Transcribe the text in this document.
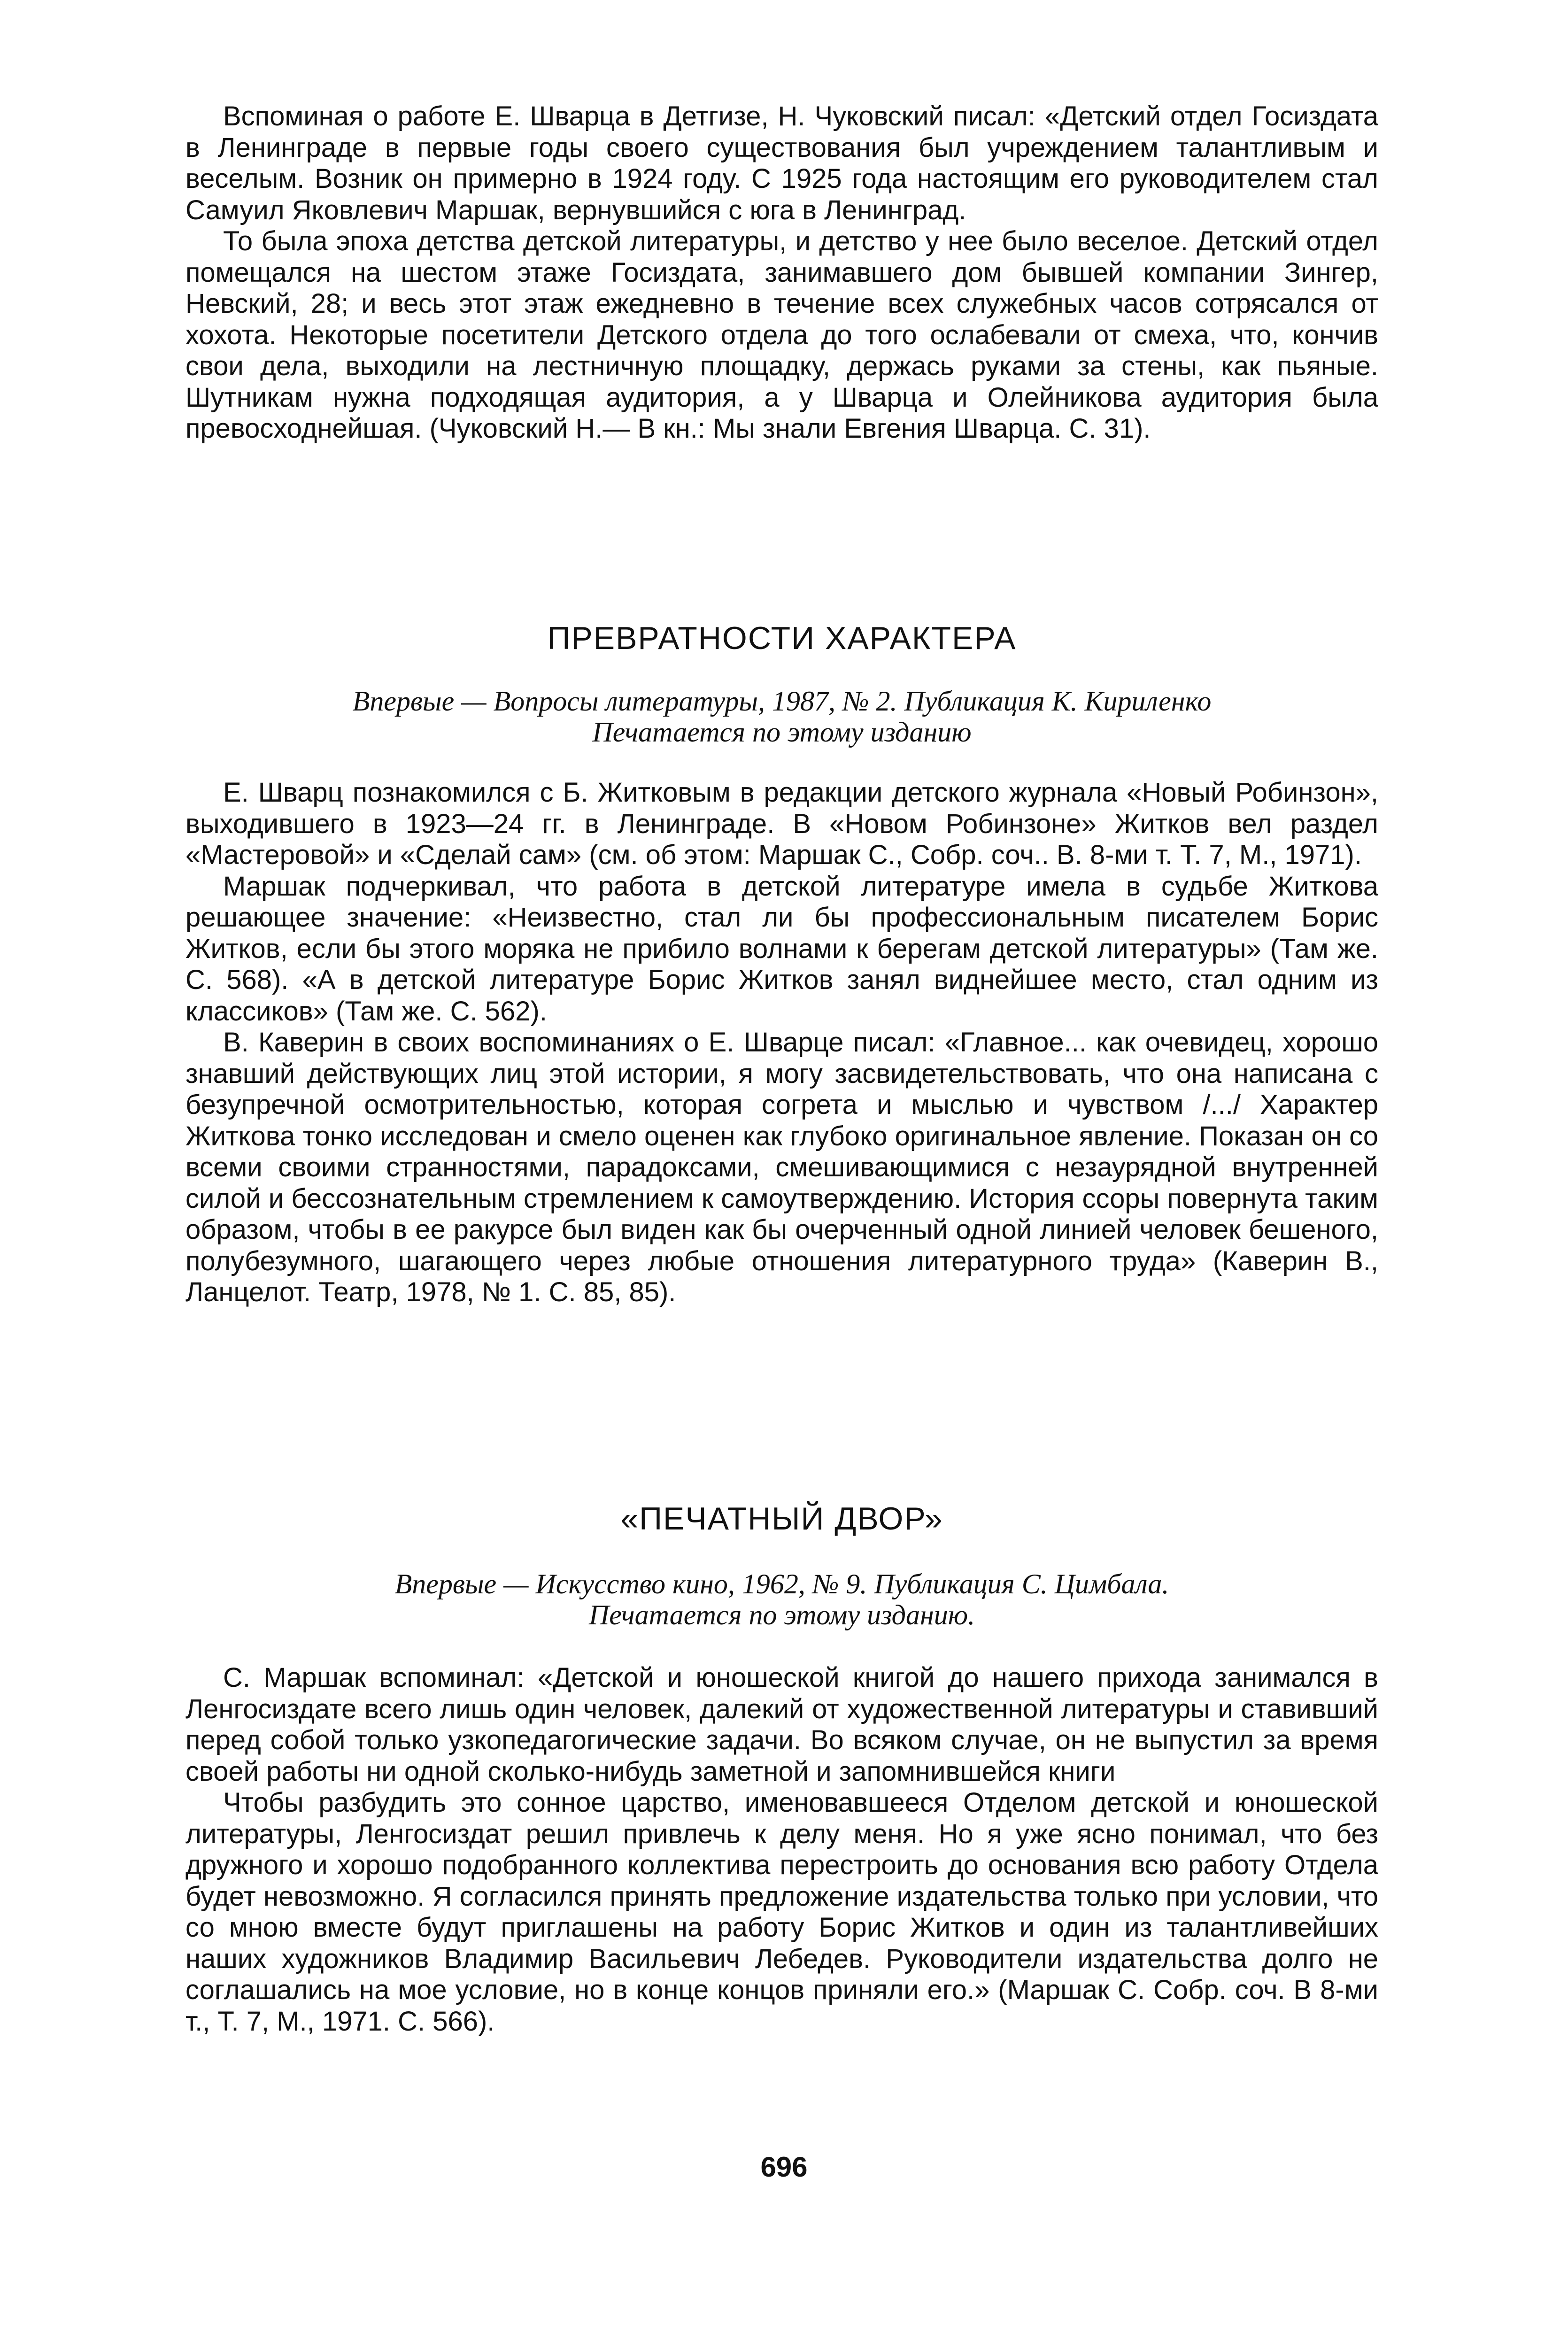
Вспоминая о работе Е. Шварца в Детгизе, Н. Чуковский писал: «Детский отдел Госиздата в Ленинграде в первые годы своего существования был учреждением талантливым и веселым. Возник он примерно в 1924 году. С 1925 года настоящим его руководителем стал Самуил Яковлевич Маршак, вернувшийся с юга в Ленинград.

То была эпоха детства детской литературы, и детство у нее было веселое. Детский отдел помещался на шестом этаже Госиздата, занимавшего дом бывшей компании Зингер, Невский, 28; и весь этот этаж ежедневно в течение всех служебных часов сотрясался от хохота. Некоторые посетители Детского отдела до того ослабевали от смеха, что, кончив свои дела, выходили на лестничную площадку, держась руками за стены, как пьяные. Шутникам нужна подходящая аудитория, а у Шварца и Олейникова аудитория была превосходнейшая. (Чуковский Н.— В кн.: Мы знали Евгения Шварца. С. 31).

ПРЕВРАТНОСТИ ХАРАКТЕРА
Впервые — Вопросы литературы, 1987, № 2. Публикация К. Кириленко
Печатается по этому изданию

Е. Шварц познакомился с Б. Житковым в редакции детского журнала «Новый Робинзон», выходившего в 1923—24 гг. в Ленинграде. В «Новом Робинзоне» Житков вел раздел «Мастеровой» и «Сделай сам» (см. об этом: Маршак С., Собр. соч.. В. 8-ми т. Т. 7, М., 1971).

Маршак подчеркивал, что работа в детской литературе имела в судьбе Житкова решающее значение: «Неизвестно, стал ли бы профессиональным писателем Борис Житков, если бы этого моряка не прибило волнами к берегам детской литературы» (Там же. С. 568). «А в детской литературе Борис Житков занял виднейшее место, стал одним из классиков» (Там же. С. 562).

В. Каверин в своих воспоминаниях о Е. Шварце писал: «Главное... как очевидец, хорошо знавший действующих лиц этой истории, я могу засвидетельствовать, что она написана с безупречной осмотрительностью, которая согрета и мыслью и чувством /.../ Характер Житкова тонко исследован и смело оценен как глубоко оригинальное явление. Показан он со всеми своими странностями, парадоксами, смешивающимися с незаурядной внутренней силой и бессознательным стремлением к самоутверждению. История ссоры повернута таким образом, чтобы в ее ракурсе был виден как бы очерченный одной линией человек бешеного, полубезумного, шагающего через любые отношения литературного труда» (Каверин В., Ланцелот. Театр, 1978, № 1. С. 85, 85).

«ПЕЧАТНЫЙ ДВОР»
Впервые — Искусство кино, 1962, № 9. Публикация С. Цимбала.
Печатается по этому изданию.

С. Маршак вспоминал: «Детской и юношеской книгой до нашего прихода занимался в Ленгосиздате всего лишь один человек, далекий от художественной литературы и ставивший перед собой только узкопедагогические задачи. Во всяком случае, он не выпустил за время своей работы ни одной сколько-нибудь заметной и запомнившейся книги

Чтобы разбудить это сонное царство, именовавшееся Отделом детской и юношеской литературы, Ленгосиздат решил привлечь к делу меня. Но я уже ясно понимал, что без дружного и хорошо подобранного коллектива перестроить до основания всю работу Отдела будет невозможно. Я согласился принять предложение издательства только при условии, что со мною вместе будут приглашены на работу Борис Житков и один из талантливейших наших художников Владимир Васильевич Лебедев. Руководители издательства долго не соглашались на мое условие, но в конце концов приняли его.» (Маршак С. Собр. соч. В 8-ми т., Т. 7, М., 1971. С. 566).

696
